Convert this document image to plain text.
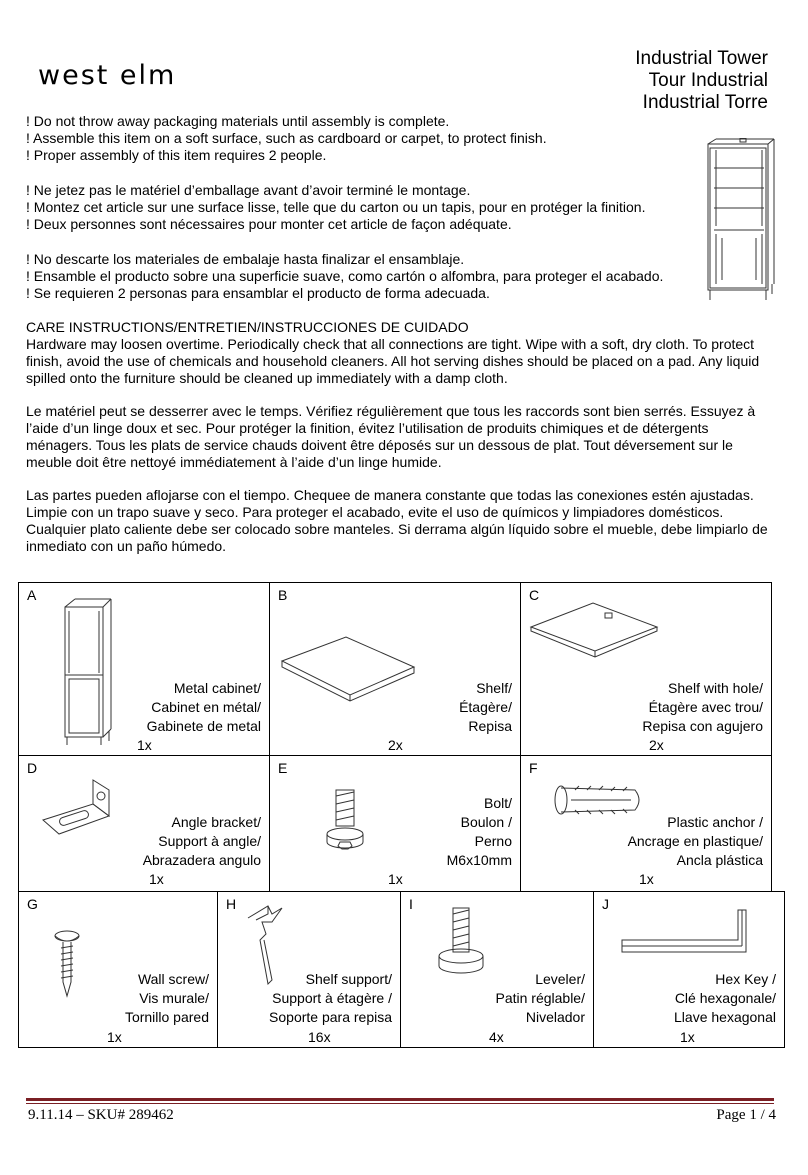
west elm
Industrial Tower
Tour Industrial
Industrial Torre
! Do not throw away packaging materials until assembly is complete.
! Assemble this item on a soft surface, such as cardboard or carpet, to protect finish.
! Proper assembly of this item requires 2 people.
! Ne jetez pas le matériel d’emballage avant d’avoir terminé le montage.
! Montez cet article sur une surface lisse, telle que du carton ou un tapis, pour en protéger la finition.
! Deux personnes sont nécessaires pour monter cet article de façon adéquate.
! No descarte los materiales de embalaje hasta finalizar el ensamblaje.
! Ensamble el producto sobre una superficie suave, como cartón o alfombra, para proteger el acabado.
! Se requieren 2 personas para ensamblar el producto de forma adecuada.

CARE INSTRUCTIONS/ENTRETIEN/INSTRUCCIONES DE CUIDADO
Hardware may loosen overtime. Periodically check that all connections are tight. Wipe with a soft, dry cloth. To protect finish, avoid the use of chemicals and household cleaners. All hot serving dishes should be placed on a pad. Any liquid spilled onto the furniture should be cleaned up immediately with a damp cloth.

Le matériel peut se desserrer avec le temps. Vérifiez régulièrement que tous les raccords sont bien serrés. Essuyez à l’aide d’un linge doux et sec. Pour protéger la finition, évitez l’utilisation de produits chimiques et de détergents ménagers. Tous les plats de service chauds doivent être déposés sur un dessous de plat. Tout déversement sur le meuble doit être nettoyé immédiatement à l’aide d’un linge humide.

Las partes pueden aflojarse con el tiempo. Chequee de manera constante que todas las conexiones estén ajustadas. Limpie con un trapo suave y seco. Para proteger el acabado, evite el uso de químicos y limpiadores domésticos. Cualquier plato caliente debe ser colocado sobre manteles. Si derrama algún líquido sobre el mueble, debe limpiarlo de inmediato con un paño húmedo.

A
Metal cabinet/
Cabinet en métal/
Gabinete de metal
1x
B
Shelf/
Étagère/
Repisa
2x
C
Shelf with hole/
Étagère avec trou/
Repisa con agujero
2x
D
Angle bracket/
Support à angle/
Abrazadera angulo
1x
E
Bolt/
Boulon /
Perno
M6x10mm
1x
F
Plastic anchor /
Ancrage en plastique/
Ancla plástica
1x
G
Wall screw/
Vis murale/
Tornillo pared
1x
H
Shelf support/
Support à étagère /
Soporte para repisa
16x
I
Leveler/
Patin réglable/
Nivelador
4x
J
Hex Key /
Clé hexagonale/
Llave hexagonal
1x
9.11.14 – SKU# 289462	Page 1 / 4
